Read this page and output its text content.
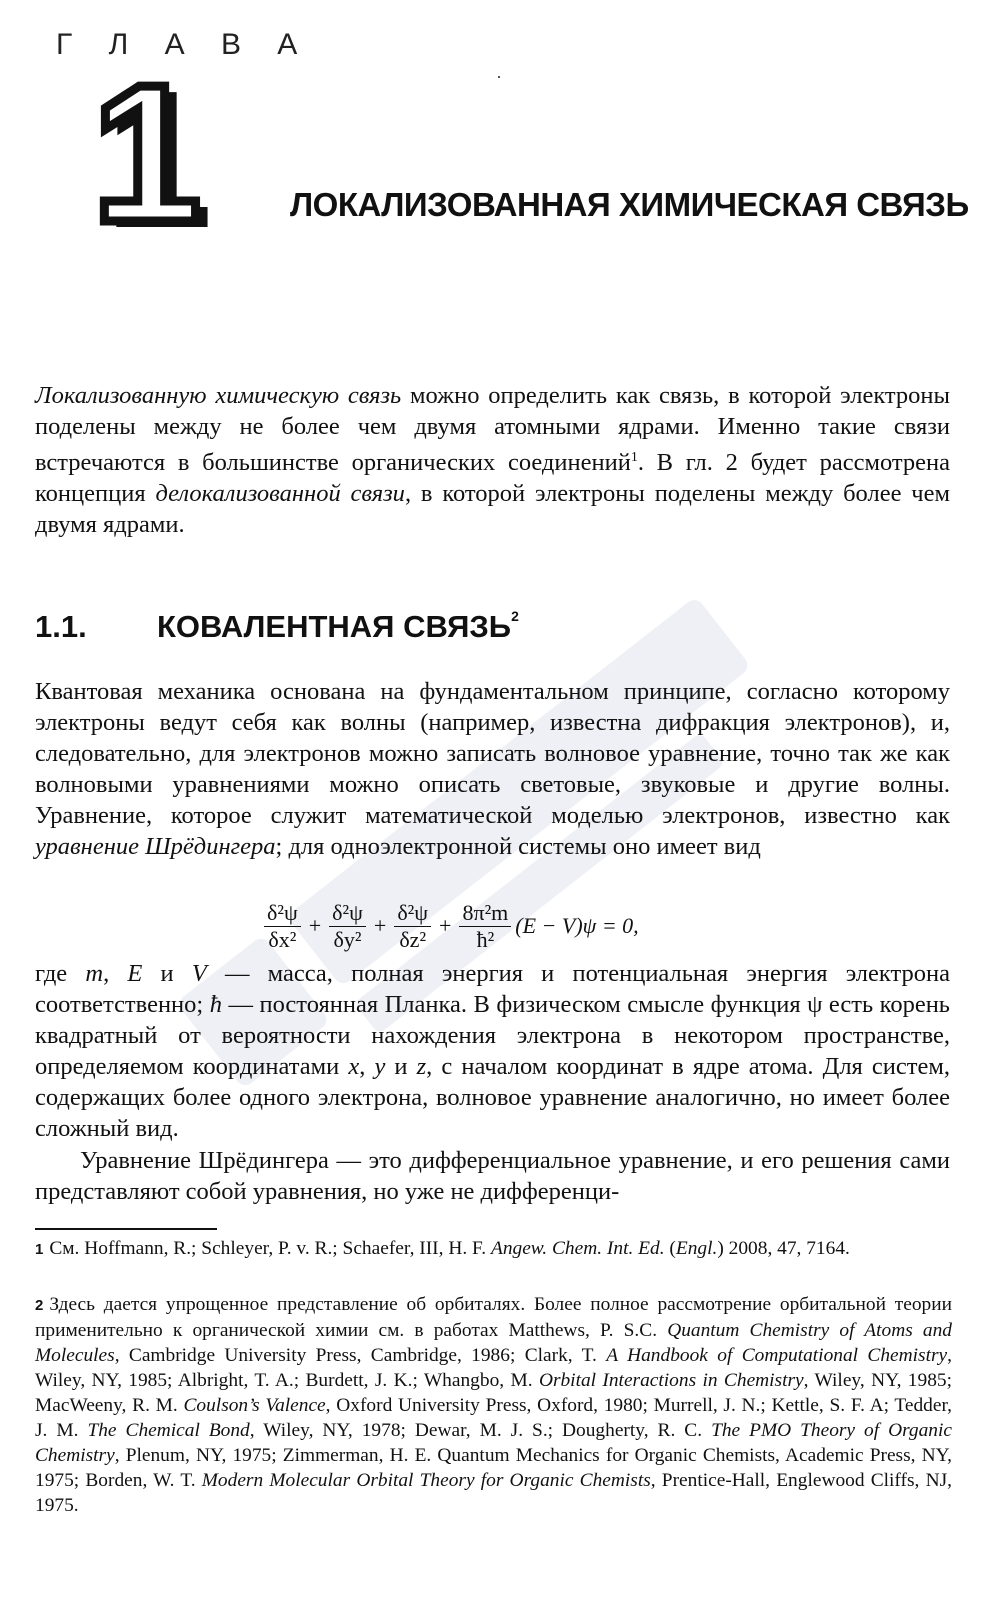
Г Л А В А
1	ЛОКАЛИЗОВАННАЯ ХИМИЧЕСКАЯ СВЯЗЬ
Локализованную химическую связь можно определить как связь, в которой электроны поделены между не более чем двумя атомными ядрами. Именно такие связи встречаются в большинстве органических соединений$^1$. В гл. 2 будет рассмотрена концепция делокализованной связи, в которой электроны поделены между более чем двумя ядрами.
1.1. КОВАЛЕНТНАЯ СВЯЗЬ$^2$
Квантовая механика основана на фундаментальном принципе, согласно которому электроны ведут себя как волны (например, известна дифракция электронов), и, следовательно, для электронов можно записать волновое уравнение, точно так же как волновыми уравнениями можно описать световые, звуковые и другие волны. Уравнение, которое служит математической моделью электронов, известно как уравнение Шрёдингера; для одноэлектронной системы оно имеет вид
$\frac{\text{δ²ψ}}{\text{δx²}} + \frac{\text{δ²ψ}}{\text{δy²}} + \frac{\text{δ²ψ}}{\text{δz²}} + \frac{\text{8π²m}}{\text{ħ²}} (E - V)\psi = 0$,
где m, E и V — масса, полная энергия и потенциальная энергия электрона соответственно; ħ — постоянная Планка. В физическом смысле функция ψ есть корень квадратный от вероятности нахождения электрона в некотором пространстве, определяемом координатами x, y и z, с началом координат в ядре атома. Для систем, содержащих более одного электрона, волновое уравнение аналогично, но имеет более сложный вид.
Уравнение Шрёдингера — это дифференциальное уравнение, и его решения сами представляют собой уравнения, но уже не дифференци-
1 См. Hoffmann, R.; Schleyer, P. v. R.; Schaefer, III, H. F. Angew. Chem. Int. Ed. (Engl.) 2008, 47, 7164.
2 Здесь дается упрощенное представление об орбиталях. Более полное рассмотрение орбитальной теории применительно к органической химии см. в работах Matthews, P. S.C. Quantum Chemistry of Atoms and Molecules, Cambridge University Press, Cambridge, 1986; Clark, T. A Handbook of Computational Chemistry, Wiley, NY, 1985; Albright, T. A.; Burdett, J. K.; Whangbo, M. Orbital Interactions in Chemistry, Wiley, NY, 1985; MacWeeny, R. M. Coulson’s Valence, Oxford University Press, Oxford, 1980; Murrell, J. N.; Kettle, S. F. A; Tedder, J. M. The Chemical Bond, Wiley, NY, 1978; Dewar, M. J. S.; Dougherty, R. C. The PMO Theory of Organic Chemistry, Plenum, NY, 1975; Zimmerman, H. E. Quantum Mechanics for Organic Chemists, Academic Press, NY, 1975; Borden, W. T. Modern Molecular Orbital Theory for Organic Chemists, Prentice-Hall, Englewood Cliffs, NJ, 1975.
